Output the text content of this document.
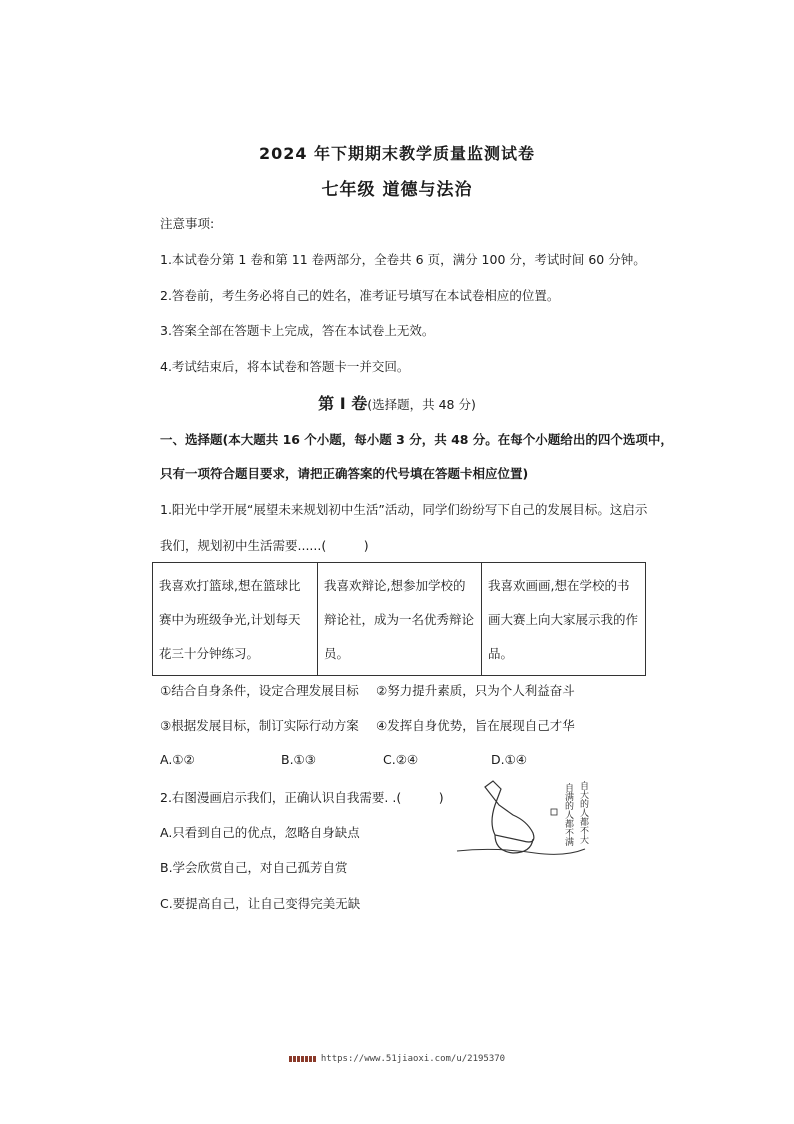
2024 年下期期末教学质量监测试卷
七年级 道德与法治
注意事项:
1.本试卷分第 1 卷和第 11 卷两部分，全卷共 6 页，满分 100 分，考试时间 60 分钟。
2.答卷前，考生务必将自己的姓名，准考证号填写在本试卷相应的位置。
3.答案全部在答题卡上完成，答在本试卷上无效。
4.考试结束后，将本试卷和答题卡一并交回。
第 I 卷(选择题，共 48 分)
一、选择题(本大题共 16 个小题，每小题 3 分，共 48 分。在每个小题给出的四个选项中，
只有一项符合题目要求，请把正确答案的代号填在答题卡相应位置)
1.阳光中学开展“展望未来规划初中生活”活动，同学们纷纷写下自己的发展目标。这启示
我们，规划初中生活需要......(　　　)
我喜欢打篮球,想在篮球比赛中为班级争光,计划每天花三十分钟练习。	我喜欢辩论,想参加学校的辩论社，成为一名优秀辩论员。	我喜欢画画,想在学校的书画大赛上向大家展示我的作品。
①结合自身条件，设定合理发展目标 ②努力提升素质，只为个人利益奋斗
③根据发展目标，制订实际行动方案 ④发挥自身优势，旨在展现自己才华
A.①②	B.①③	C.②④	D.①④
2.右图漫画启示我们，正确认识自我需要. .(　　　)
A.只看到自己的优点，忽略自身缺点
B.学会欣赏自己，对自己孤芳自赏
C.要提高自己，让自己变得完美无缺
自满的人都不满 自大的人都不大
https://www.51jiaoxi.com/u/2195370
